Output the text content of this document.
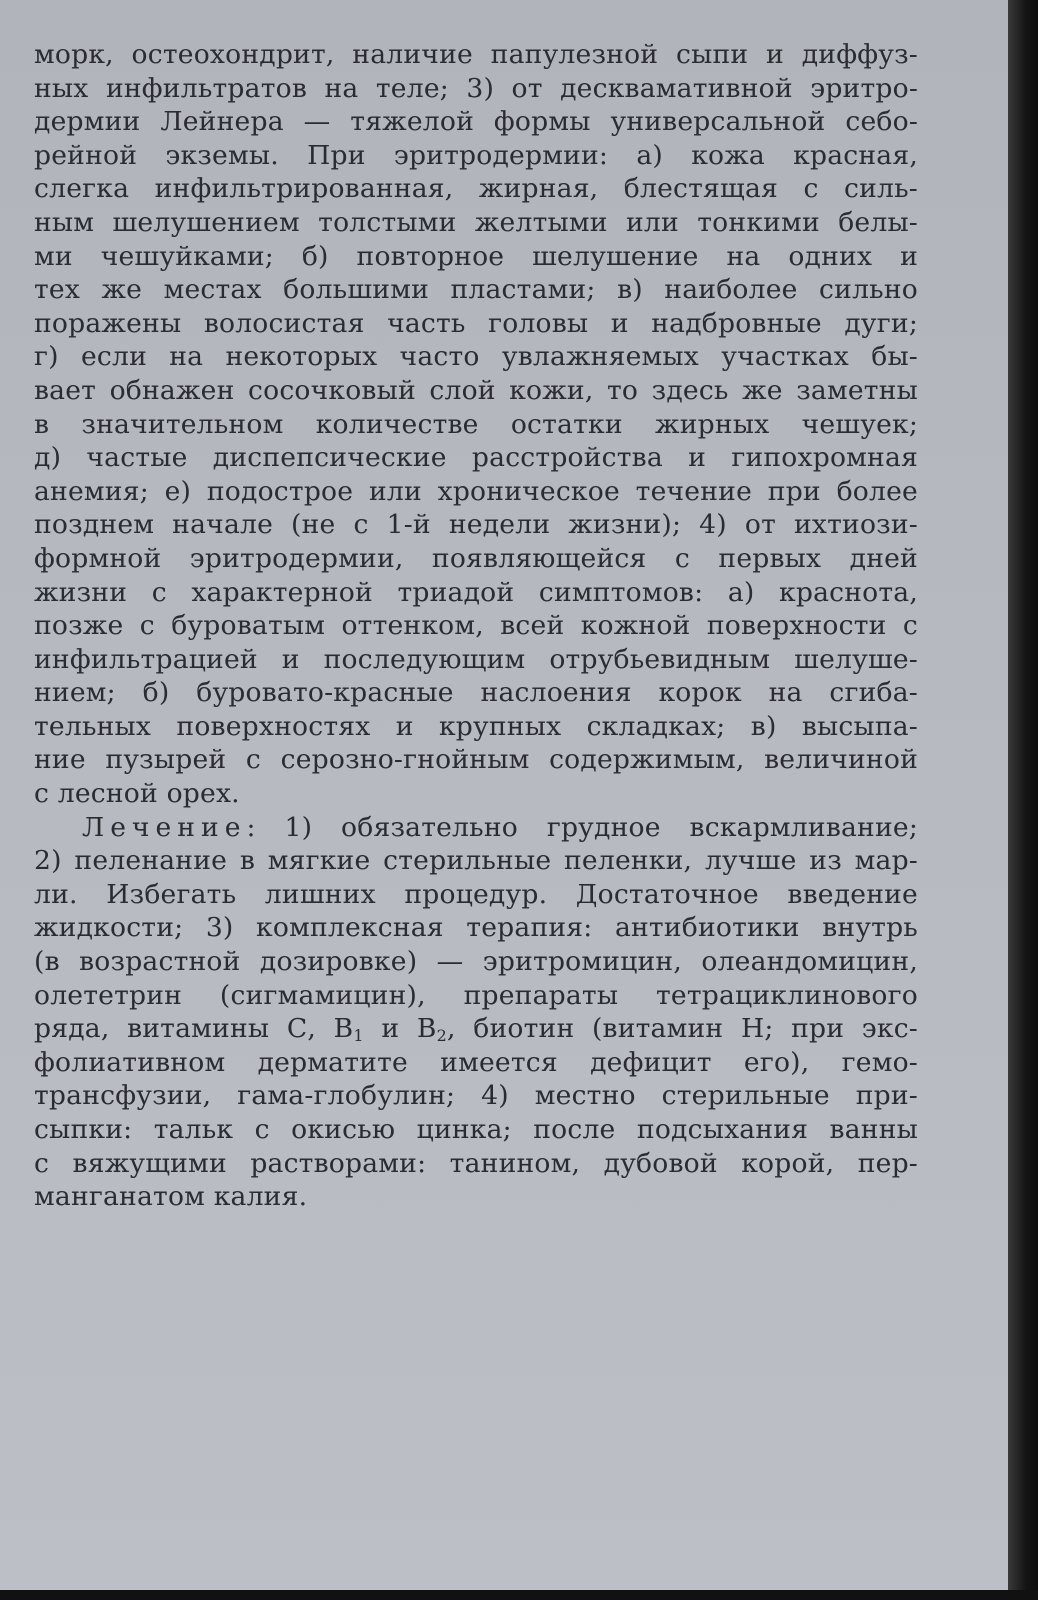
морк, остеохондрит, наличие папулезной сыпи и диффуз-
ных инфильтратов на теле; 3) от десквамативной эритро-
дермии Лейнера — тяжелой формы универсальной себо-
рейной экземы. При эритродермии: а) кожа красная,
слегка инфильтрированная, жирная, блестящая с силь-
ным шелушением толстыми желтыми или тонкими белы-
ми чешуйками; б) повторное шелушение на одних и
тех же местах большими пластами; в) наиболее сильно
поражены волосистая часть головы и надбровные дуги;
г) если на некоторых часто увлажняемых участках бы-
вает обнажен сосочковый слой кожи, то здесь же заметны
в значительном количестве остатки жирных чешуек;
д) частые диспепсические расстройства и гипохромная
анемия; е) подострое или хроническое течение при более
позднем начале (не с 1-й недели жизни); 4) от ихтиози-
формной эритродермии, появляющейся с первых дней
жизни с характерной триадой симптомов: а) краснота,
позже с буроватым оттенком, всей кожной поверхности с
инфильтрацией и последующим отрубьевидным шелуше-
нием; б) буровато-красные наслоения корок на сгиба-
тельных поверхностях и крупных складках; в) высыпа-
ние пузырей с серозно-гнойным содержимым, величиной
с лесной орех.
Лечение: 1) обязательно грудное вскармливание;
2) пеленание в мягкие стерильные пеленки, лучше из мар-
ли. Избегать лишних процедур. Достаточное введение
жидкости; 3) комплексная терапия: антибиотики внутрь
(в возрастной дозировке) — эритромицин, олеандомицин,
олететрин (сигмамицин), препараты тетрациклинового
ряда, витамины С, $В_1$ и $В_2$, биотин (витамин Н; при экс-
фолиативном дерматите имеется дефицит его), гемо-
трансфузии, гама-глобулин; 4) местно стерильные при-
сыпки: тальк с окисью цинка; после подсыхания ванны
с вяжущими растворами: танином, дубовой корой, пер-
манганатом калия.
